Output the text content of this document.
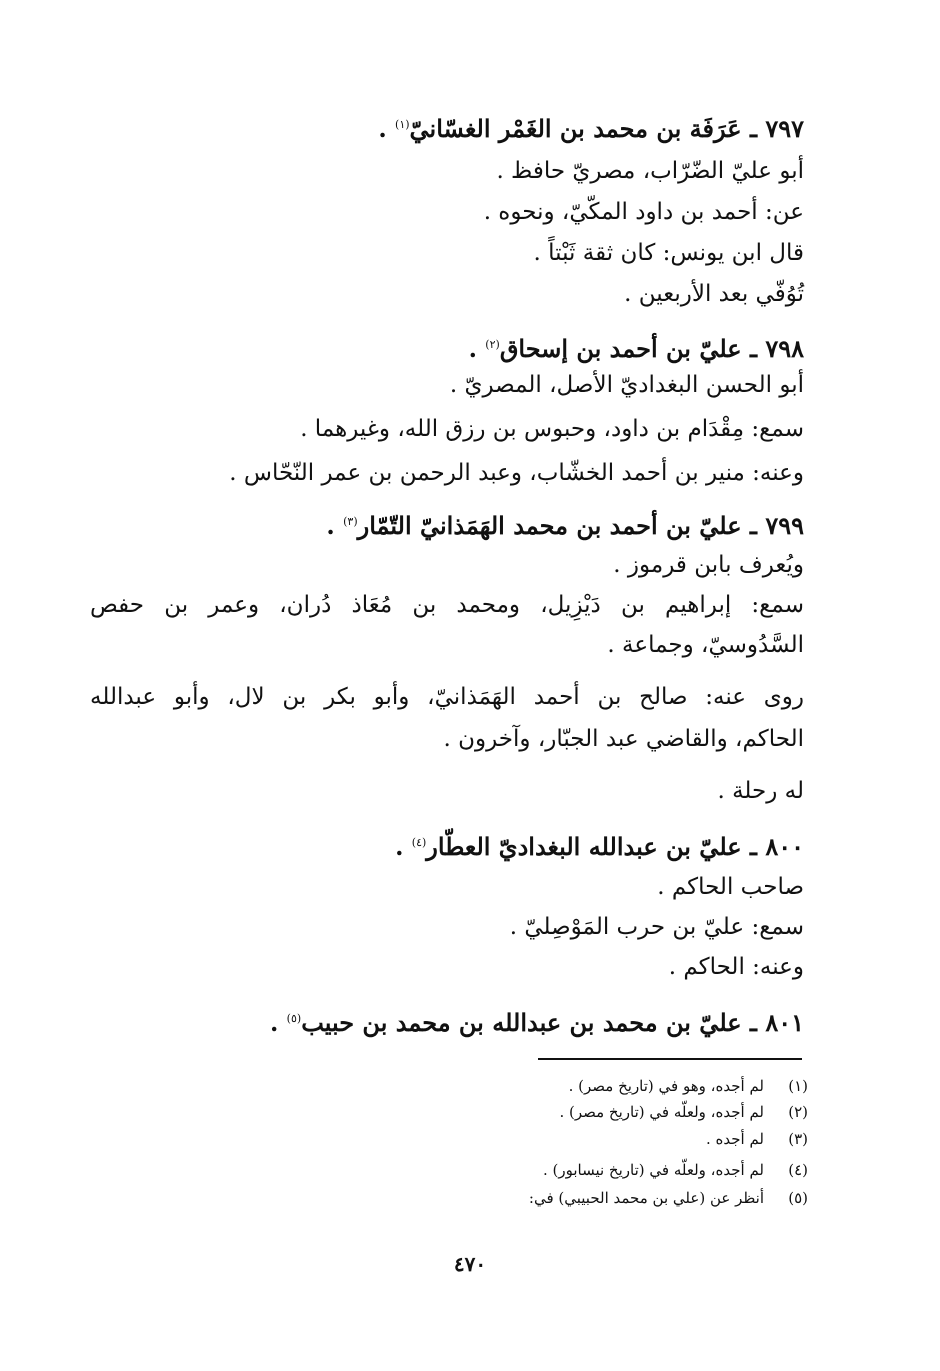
٧٩٧ ـ عَرَفَة بن محمد بن الغَمْر الغسّانيّ$^{(١)}$ .
أبو عليّ الضّرّاب، مصريّ حافظ .
عن: أحمد بن داود المكّيّ، ونحوه .
قال ابن يونس: كان ثقة ثَبْتاً .
تُوُفّي بعد الأربعين .
٧٩٨ ـ عليّ بن أحمد بن إسحاق$^{(٢)}$ .
أبو الحسن البغداديّ الأصل، المصريّ .
سمع: مِقْدَام بن داود، وحبوس بن رزق الله، وغيرهما .
وعنه: منير بن أحمد الخشّاب، وعبد الرحمن بن عمر النّحّاس .
٧٩٩ ـ عليّ بن أحمد بن محمد الهَمَذانيّ التّمّار$^{(٣)}$ .
ويُعرف بابن قرموز .
سمع: إبراهيم بن دَيْزِيل، ومحمد بن مُعَاذ دُران، وعمر بن حفص
السَّدُوسيّ، وجماعة .
روى عنه: صالح بن أحمد الهَمَذانيّ، وأبو بكر بن لال، وأبو عبدالله
الحاكم، والقاضي عبد الجبّار، وآخرون .
له رحلة .
٨٠٠ ـ عليّ بن عبدالله البغداديّ العطّار$^{(٤)}$ .
صاحب الحاكم .
سمع: عليّ بن حرب المَوْصِليّ .
وعنه: الحاكم .
٨٠١ ـ عليّ بن محمد بن عبدالله بن محمد بن حبيب$^{(٥)}$ .
(١)لم أجده، وهو في (تاريخ مصر) .
(٢)لم أجده، ولعلّه في (تاريخ مصر) .
(٣)لم أجده .
(٤)لم أجده، ولعلّه في (تاريخ نيسابور) .
(٥)أنظر عن (علي بن محمد الحبيبي) في:
٤٧٠
